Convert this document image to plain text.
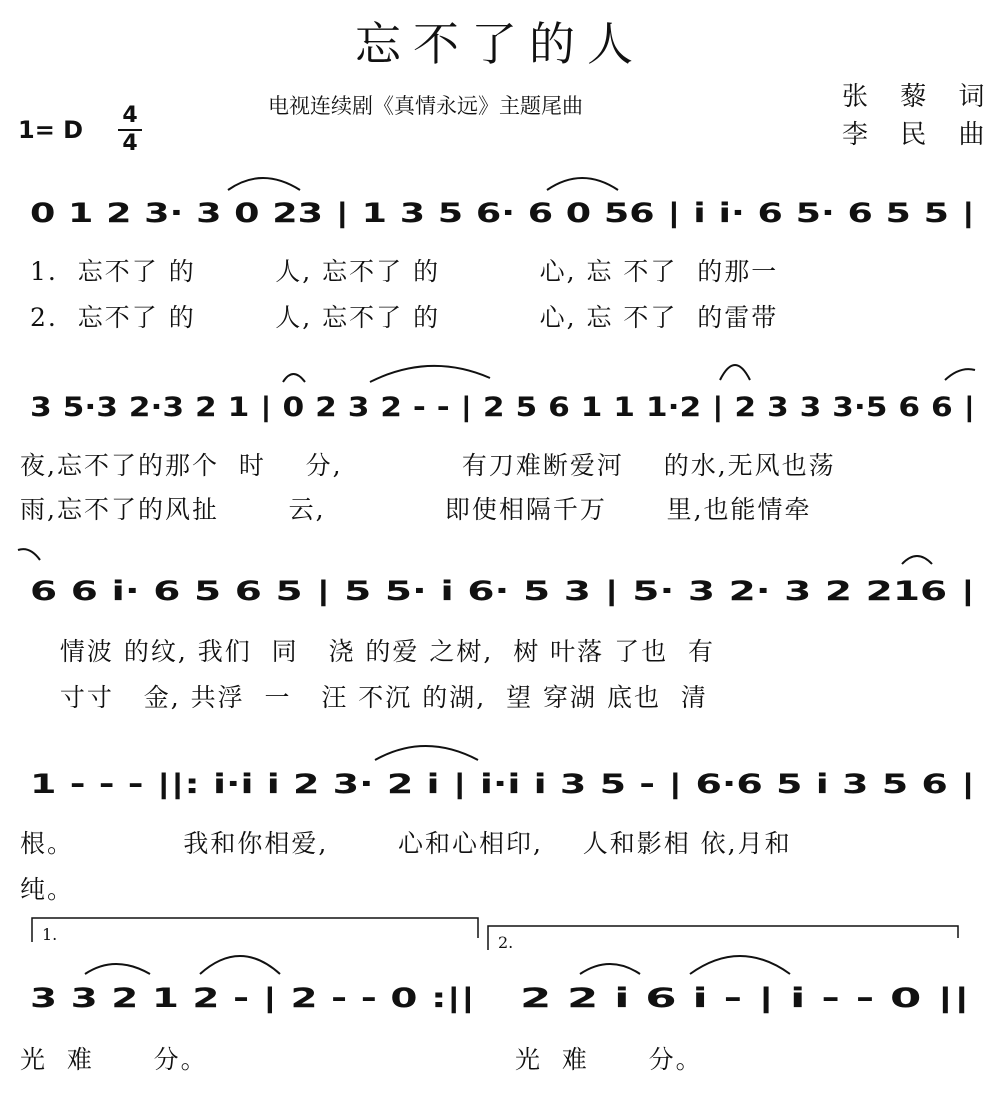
忘不了的人
电视连续剧《真情永远》主题尾曲	张 藜 词
李 民 曲
1= D
4
4
0 1 2 3· 3 0 23 | 1 3 5 6· 6 0 56 | i i· 6 5· 6 5 5 |
3 5·3 2·3 2 1 | 0 2 3 2 - - | 2 5 6 1 1 1·2 | 2 3 3 3·5 6 6 |
6 6 i· 6 5 6 5 | 5 5· i 6· 5 3 | 5· 3 2· 3 2 216 |
1 - - - ||: i·i i 2 3· 2 i | i·i i 3 5 - | 6·6 5 i 3 5 6 |
3 3 2 1 2 - | 2 - - 0 :|| 2 2 i 6 i - | i - - 0 ||
1.	2.
1.  忘不了 的        人, 忘不了 的          心, 忘 不了  的那一
2.  忘不了 的        人, 忘不了 的          心, 忘 不了  的雷带
夜,忘不了的那个  时    分,            有刀难断爱河    的水,无风也荡
雨,忘不了的风扯       云,            即使相隔千万      里,也能情牵
情波 的纹, 我们  同   浇 的爱 之树,  树 叶落 了也  有
寸寸   金, 共浮  一   汪 不沉 的湖,  望 穿湖 底也  清
根。           我和你相爱,       心和心相印,    人和影相 依,月和
纯。
光  难      分。	光  难      分。
